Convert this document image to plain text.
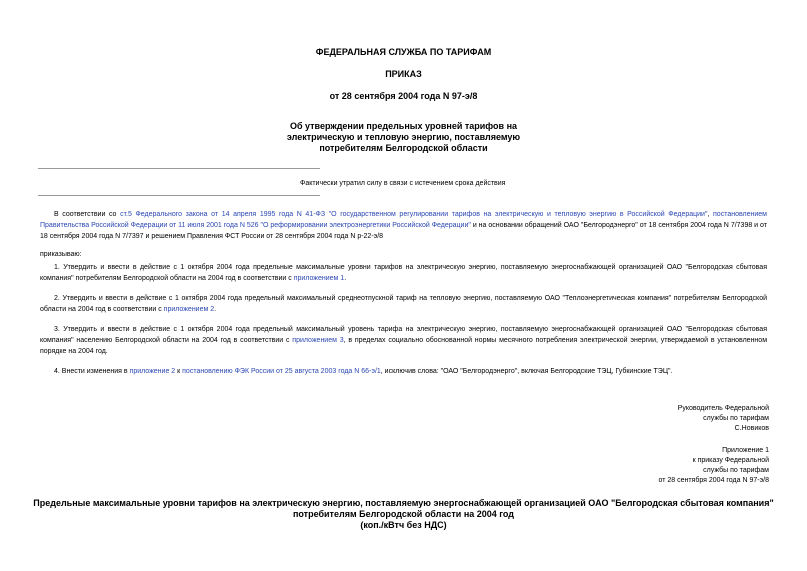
ФЕДЕРАЛЬНАЯ СЛУЖБА ПО ТАРИФАМ
ПРИКАЗ
от 28 сентября 2004 года N 97-э/8
Об утверждении предельных уровней тарифов на
электрическую и тепловую энергию, поставляемую
потребителям Белгородской области
Фактически утратил силу в связи с истечением срока действия
В соответствии со ст.5 Федерального закона от 14 апреля 1995 года N 41-ФЗ "О государственном регулировании тарифов на электрическую и тепловую энергию в Российской Федерации", постановлением Правительства Российской Федерации от 11 июля 2001 года N 526 "О реформировании электроэнергетики Российской Федерации" и на основании обращений ОАО "Белгородэнерго" от 18 сентября 2004 года N 7/7398 и от 18 сентября 2004 года N 7/7397 и решением Правления ФСТ России от 28 сентября 2004 года N р-22-э/8
приказываю:
1. Утвердить и ввести в действие с 1 октября 2004 года предельные максимальные уровни тарифов на электрическую энергию, поставляемую энергоснабжающей организацией ОАО "Белгородская сбытовая компания" потребителям Белгородской области на 2004 год в соответствии с приложением 1.
2. Утвердить и ввести в действие с 1 октября 2004 года предельный максимальный среднеотпускной тариф на тепловую энергию, поставляемую ОАО "Теплоэнергетическая компания" потребителям Белгородской области на 2004 год в соответствии с приложением 2.
3. Утвердить и ввести в действие с 1 октября 2004 года предельный максимальный уровень тарифа на электрическую энергию, поставляемую энергоснабжающей организацией ОАО "Белгородская сбытовая компания" населению Белгородской области на 2004 год в соответствии с приложением 3, в пределах социально обоснованной нормы месячного потребления электрической энергии, утверждаемой в установленном порядке на 2004 год.
4. Внести изменения в приложение 2 к постановлению ФЭК России от 25 августа 2003 года N 66-э/1, исключив слова: "ОАО "Белгородэнерго", включая Белгородские ТЭЦ, Губкинские ТЭЦ".
Руководитель Федеральной
службы по тарифам
С.Новиков
Приложение 1
к приказу Федеральной
службы по тарифам
от 28 сентября 2004 года N 97-э/8
Предельные максимальные уровни тарифов на электрическую энергию, поставляемую энергоснабжающей организацией ОАО "Белгородская сбытовая компания"
потребителям Белгородской области на 2004 год
(коп./кВтч без НДС)
